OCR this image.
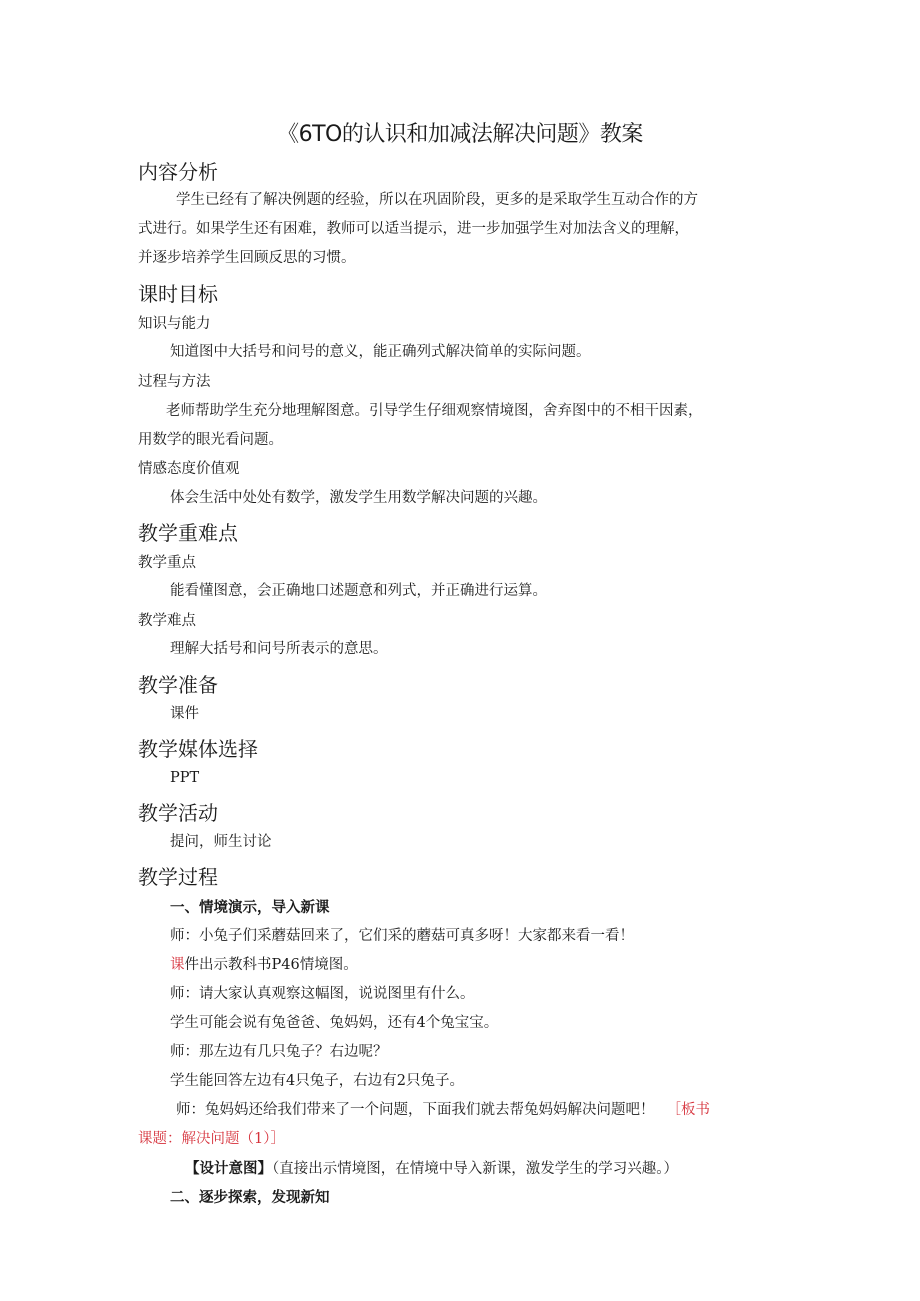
《6TO的认识和加减法解决问题》教案
内容分析
学生已经有了解决例题的经验，所以在巩固阶段，更多的是采取学生互动合作的方
式进行。如果学生还有困难，教师可以适当提示，进一步加强学生对加法含义的理解，
并逐步培养学生回顾反思的习惯。
课时目标
知识与能力
知道图中大括号和问号的意义，能正确列式解决简单的实际问题。
过程与方法
老师帮助学生充分地理解图意。引导学生仔细观察情境图，舍弃图中的不相干因素，
用数学的眼光看问题。
情感态度价值观
体会生活中处处有数学，激发学生用数学解决问题的兴趣。
教学重难点
教学重点
能看懂图意，会正确地口述题意和列式，并正确进行运算。
教学难点
理解大括号和问号所表示的意思。
教学准备
课件
教学媒体选择
PPT
教学活动
提问，师生讨论
教学过程
一、情境演示，导入新课
师：小兔子们采蘑菇回来了，它们采的蘑菇可真多呀！大家都来看一看！
课件出示教科书P46情境图。
师：请大家认真观察这幅图，说说图里有什么。
学生可能会说有兔爸爸、兔妈妈，还有4个兔宝宝。
师：那左边有几只兔子？右边呢？
学生能回答左边有4只兔子，右边有2只兔子。
师：兔妈妈还给我们带来了一个问题，下面我们就去帮兔妈妈解决问题吧！ ［板书
课题：解决问题（1）］
【设计意图】（直接出示情境图，在情境中导入新课，激发学生的学习兴趣。）
二、逐步探索，发现新知
